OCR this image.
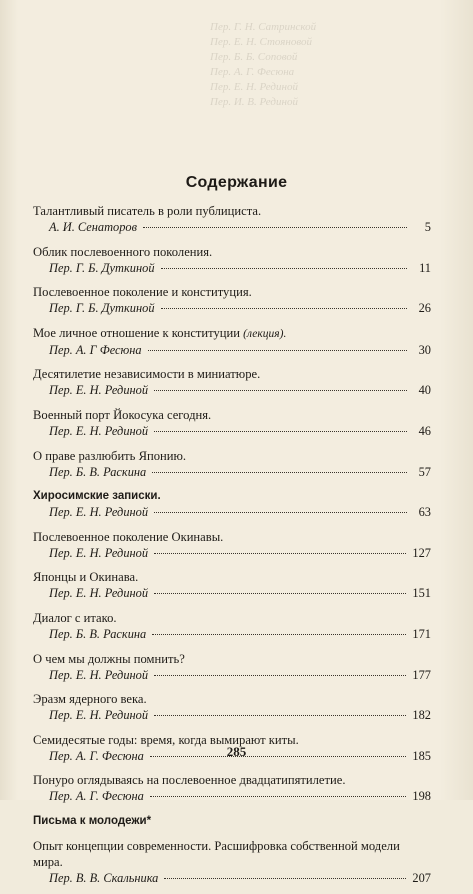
Пер. Г. Н. Сатринской
Пер. Е. Н. Стояновой
Пер. Б. Б. Соповой
Пер. А. Г. Фесюна
Пер. Е. Н. Рединой
Пер. И. В. Рединой
Содержание
Талантливый писатель в роли публициста.
А. И. Сенаторов	5
Облик послевоенного поколения.
Пер. Г. Б. Дуткиной	11
Послевоенное поколение и конституция.
Пер. Г. Б. Дуткиной	26
Мое личное отношение к конституции (лекция).
Пер. А. Г Фесюна	30
Десятилетие независимости в миниатюре.
Пер. Е. Н. Рединой	40
Военный порт Йокосука сегодня.
Пер. Е. Н. Рединой	46
О праве разлюбить Японию.
Пер. Б. В. Раскина	57
Хиросимские записки.
Пер. Е. Н. Рединой	63
Послевоенное поколение Окинавы.
Пер. Е. Н. Рединой	127
Японцы и Окинава.
Пер. Е. Н. Рединой	151
Диалог с итако.
Пер. Б. В. Раскина	171
О чем мы должны помнить?
Пер. Е. Н. Рединой	177
Эразм ядерного века.
Пер. Е. Н. Рединой	182
Семидесятые годы: время, когда вымирают киты.
Пер. А. Г. Фесюна	185
Понуро оглядываясь на послевоенное двадцатипятилетие.
Пер. А. Г. Фесюна	198
Письма к молодежи*
Опыт концепции современности. Расшифровка собственной модели мира.
Пер. В. В. Скальника	207
285
